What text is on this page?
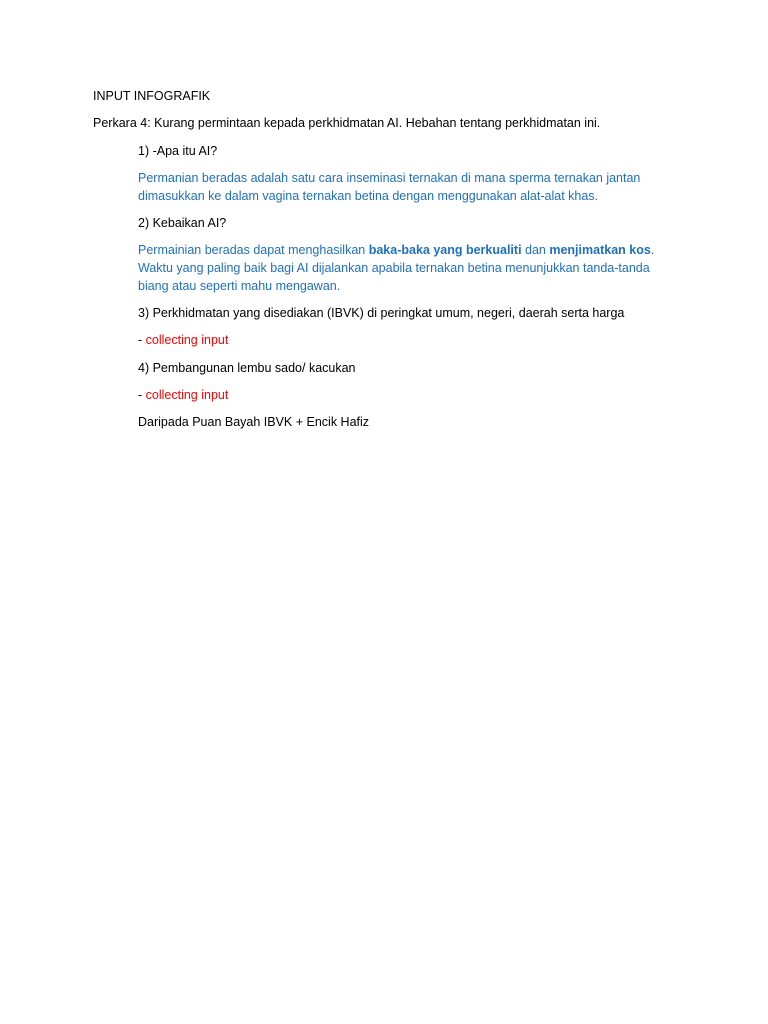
INPUT INFOGRAFIK
Perkara 4: Kurang permintaan kepada perkhidmatan AI. Hebahan tentang perkhidmatan ini.
1) -Apa itu AI?
Permanian beradas adalah satu cara inseminasi ternakan di mana sperma ternakan jantan
dimasukkan ke dalam vagina ternakan betina dengan menggunakan alat-alat khas.
2) Kebaikan AI?
Permainian beradas dapat menghasilkan baka-baka yang berkualiti dan menjimatkan kos.
Waktu yang paling baik bagi AI dijalankan apabila ternakan betina menunjukkan tanda-tanda
biang atau seperti mahu mengawan.
3) Perkhidmatan yang disediakan (IBVK) di peringkat umum, negeri, daerah serta harga
- collecting input
4) Pembangunan lembu sado/ kacukan
- collecting input
Daripada Puan Bayah IBVK + Encik Hafiz
